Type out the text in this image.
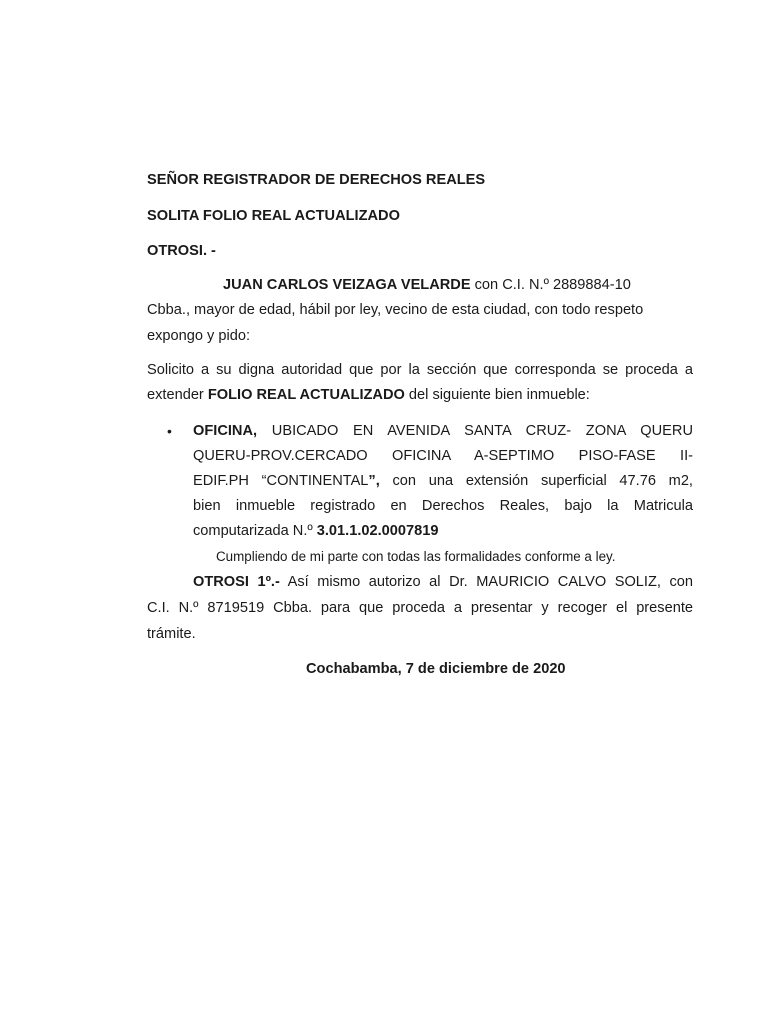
SEÑOR REGISTRADOR DE DERECHOS REALES
SOLITA FOLIO REAL ACTUALIZADO
OTROSI. -
JUAN CARLOS VEIZAGA VELARDE con C.I. N.º 2889884-10
Cbba., mayor de edad, hábil por ley, vecino de esta ciudad, con todo respeto
expongo y pido:
Solicito a su digna autoridad que por la sección que corresponda se proceda a
extender FOLIO REAL ACTUALIZADO del siguiente bien inmueble:
• OFICINA, UBICADO EN AVENIDA SANTA CRUZ- ZONA QUERU
QUERU-PROV.CERCADO OFICINA A-SEPTIMO PISO-FASE II-
EDIF.PH “CONTINENTAL”, con una extensión superficial 47.76 m2,
bien inmueble registrado en Derechos Reales, bajo la Matricula
computarizada N.º 3.01.1.02.0007819
Cumpliendo de mi parte con todas las formalidades conforme a ley.
OTROSI 1º.- Así mismo autorizo al Dr. MAURICIO CALVO SOLIZ, con
C.I. N.º 8719519 Cbba. para que proceda a presentar y recoger el presente
trámite.
Cochabamba, 7 de diciembre de 2020
